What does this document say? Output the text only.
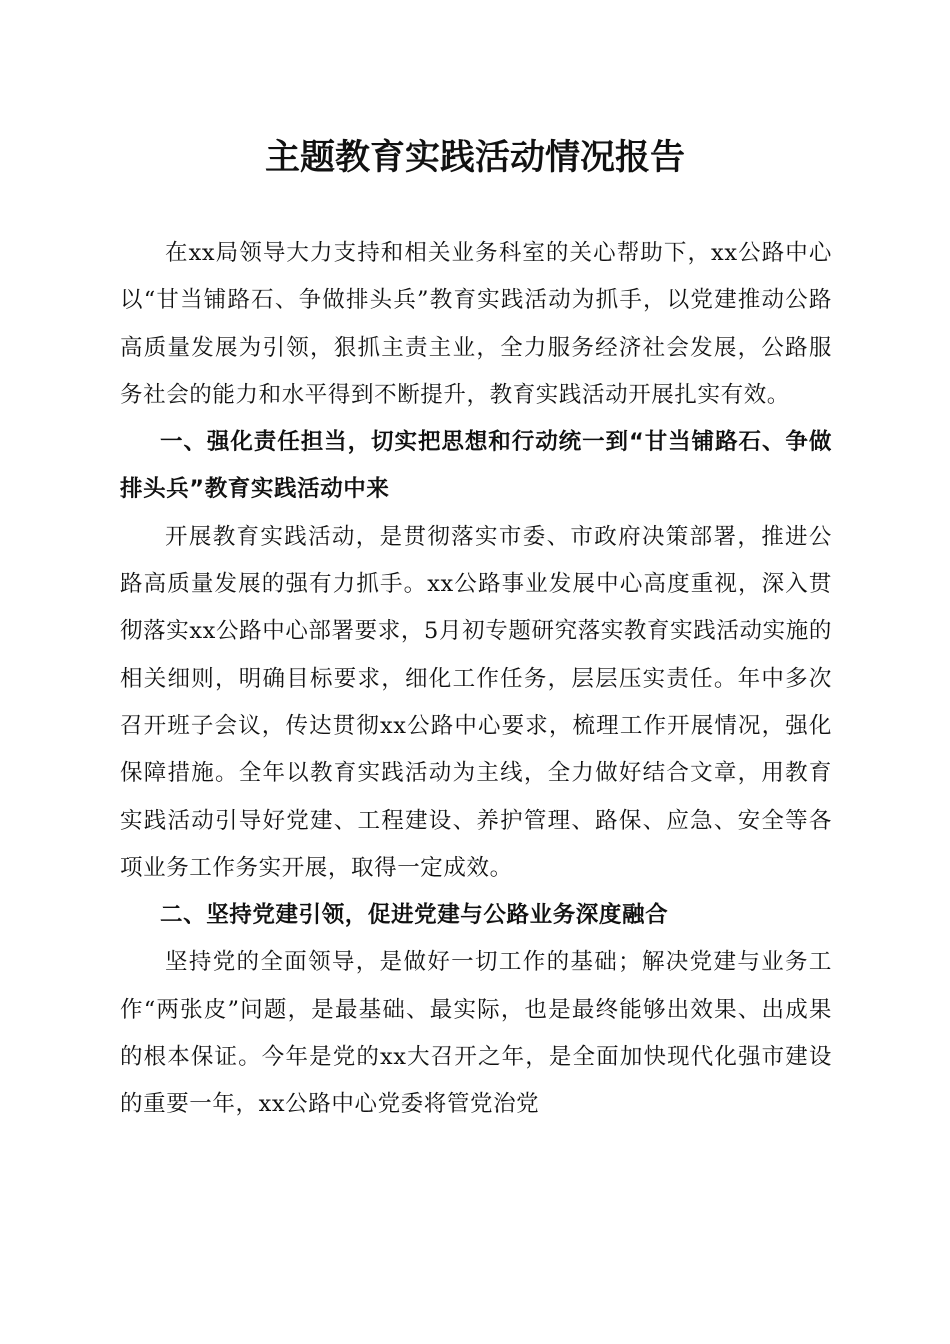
主题教育实践活动情况报告

在xx局领导大力支持和相关业务科室的关心帮助下，xx公路中心以“甘当铺路石、争做排头兵”教育实践活动为抓手，以党建推动公路高质量发展为引领，狠抓主责主业，全力服务经济社会发展，公路服务社会的能力和水平得到不断提升，教育实践活动开展扎实有效。

一、强化责任担当，切实把思想和行动统一到“甘当铺路石、争做排头兵”教育实践活动中来

开展教育实践活动，是贯彻落实市委、市政府决策部署，推进公路高质量发展的强有力抓手。xx公路事业发展中心高度重视，深入贯彻落实xx公路中心部署要求，5月初专题研究落实教育实践活动实施的相关细则，明确目标要求，细化工作任务，层层压实责任。年中多次召开班子会议，传达贯彻xx公路中心要求，梳理工作开展情况，强化保障措施。全年以教育实践活动为主线，全力做好结合文章，用教育实践活动引导好党建、工程建设、养护管理、路保、应急、安全等各项业务工作务实开展，取得一定成效。

二、坚持党建引领，促进党建与公路业务深度融合

坚持党的全面领导，是做好一切工作的基础；解决党建与业务工作“两张皮”问题，是最基础、最实际，也是最终能够出效果、出成果的根本保证。今年是党的xx大召开之年，是全面加快现代化强市建设的重要一年，xx公路中心党委将管党治党
